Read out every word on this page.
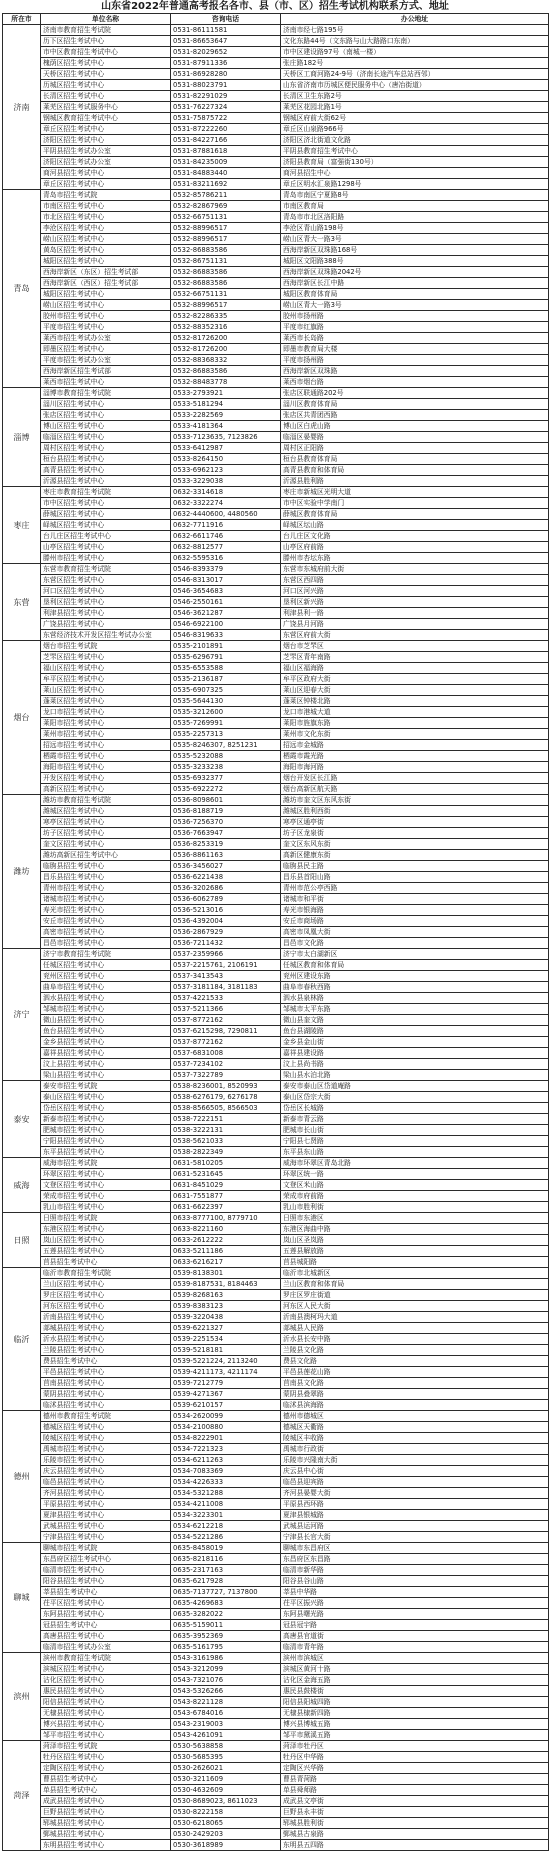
山东省2022年普通高考报名各市、县（市、区）招生考试机构联系方式、地址
所在市	单位名称	咨询电话	办公地址
济南	济南市教育招生考试院	0531-86111581	济南市经七路195号
	历下区招生考试中心	0531-86653647	文化东路44号（文东路与山大路路口东南）
	市中区教育招生考试中心	0531-82029652	市中区建设路97号（南城一楼）
	槐荫区招生考试中心	0531-87911336	张庄路182号
	天桥区招生考试中心	0531-86928280	天桥区工商河路24-9号（济南长途汽车总站西邻）
	历城区招生考试中心	0531-88023791	山东省济南市历城区便民服务中心（唐冶街道）
	长清区招生考试中心	0531-82291029	长清区卫生东路2号
	莱芜区招生考试服务中心	0531-76227324	莱芜区花园北路1号
	钢城区教育招生考试中心	0531-75875722	钢城区府前大街62号
	章丘区招生考试中心	0531-87222260	章丘区山泉路966号
	济阳区招生考试中心	0531-84227166	济阳区济北街道文化路
	平阴县招生考试办公室	0531-87881618	平阴县教育招生考试中心
	济阳区招生考试办公室	0531-84235009	济阳县教育局（富强街130号）
	商河县招生考试中心	0531-84883440	商河县招生中心
	章丘区招生考试中心	0531-83211692	章丘区明水汇泉路1298号
青岛	青岛市招生考试院	0532-85786211	青岛市南区宁夏路8号
	市南区招生考试中心	0532-82867969	市南区教育局
	市北区招生考试中心	0532-66751131	青岛市市北区洛阳路
	李沧区招生考试中心	0532-88996517	李沧区青山路198号
	崂山区招生考试中心	0532-88996517	崂山区青大一路3号
	黄岛区招生考试中心	0532-86883586	西海岸新区双珠路168号
	城阳区招生考试中心	0532-86751131	城阳区文阳路388号
	西海岸新区（东区）招生考试部	0532-86883586	西海岸新区双珠路2042号
	西海岸新区（西区）招生考试部	0532-86883586	西海岸新区长江中路
	城阳区招生考试中心	0532-66751131	城阳区教育体育局
	崂山区招生考试中心	0532-88996517	崂山区青大一路3号
	胶州市招生考试中心	0532-82286335	胶州市扬州路
	平度市招生考试中心	0532-88352316	平度市红旗路
	莱西市招生考试办公室	0532-81726200	莱西市长岛路
	即墨区招生考试中心	0532-81726200	即墨市教育局大楼
	平度市招生考试办公室	0532-88368332	平度市扬州路
	西海岸新区招生考试部	0532-86883586	西海岸新区双珠路
	莱西市招生考试中心	0532-88483778	莱西市烟台路
淄博	淄博市教育招生考试院	0533-2793921	张店区联通路202号
	淄川区招生考试中心	0533-5181294	淄川区教育体育局
	张店区招生考试中心	0533-2282569	张店区共青团西路
	博山区招生考试中心	0533-4181364	博山区白虎山路
	临淄区招生考试中心	0533-7123635, 7123826	临淄区晏婴路
	周村区招生考试中心	0533-6412987	周村区正阳路
	桓台县招生考试中心	0533-8264150	桓台县教育体育局
	高青县招生考试中心	0533-6962123	高青县教育和体育局
	沂源县招生考试中心	0533-3229038	沂源县胜利路
枣庄	枣庄市教育招生考试院	0632-3314618	枣庄市新城区光明大道
	市中区招生考试中心	0632-3322274	市中区实验中学南门
	薛城区招生考试中心	0632-4440600, 4480560	薛城区教育体育局
	峄城区招生考试中心	0632-7711916	峄城区坛山路
	台儿庄区招生考试中心	0632-6611746	台儿庄区文化路
	山亭区招生考试中心	0632-8812577	山亭区府前路
	滕州市招生考试中心	0632-5595316	滕州市杏坛东路
东营	东营市教育招生考试院	0546-8393379	东营市东城府前大街
	东营区招生考试中心	0546-8313017	东营区西四路
	河口区招生考试中心	0546-3654683	河口区河兴路
	垦利区招生考试中心	0546-2550161	垦利区新兴路
	利津县招生考试中心	0546-3621287	利津县利一路
	广饶县招生考试中心	0546-6922100	广饶县月河路
	东营经济技术开发区招生考试办公室	0546-8319633	东营区府前大街
烟台	烟台市招生考试院	0535-2101891	烟台市芝罘区
	芝罘区招生考试中心	0535-6296791	芝罘区青年南路
	福山区招生考试中心	0535-6553588	福山区福海路
	牟平区招生考试中心	0535-2136187	牟平区政府大街
	莱山区招生考试中心	0535-6907325	莱山区迎春大街
	蓬莱区招生考试中心	0535-5644130	蓬莱区钟楼北路
	龙口市招生考试中心	0535-3212600	龙口市港城大道
	莱阳市招生考试中心	0535-7269991	莱阳市旌旗东路
	莱州市招生考试中心	0535-2257313	莱州市文化东街
	招远市招生考试中心	0535-8246307, 8251231	招远市金城路
	栖霞市招生考试中心	0535-5232088	栖霞市霞光路
	海阳市招生考试中心	0535-3233238	海阳市海河路
	开发区招生考试中心	0535-6932377	烟台开发区长江路
	高新区招生考试中心	0535-6922272	烟台高新区航天路
潍坊	潍坊市教育招生考试院	0536-8098601	潍坊市奎文区东风东街
	潍城区招生考试中心	0536-8188719	潍城区胜利西街
	寒亭区招生考试中心	0536-7256370	寒亭区通亭街
	坊子区招生考试中心	0536-7663947	坊子区龙泉街
	奎文区招生考试中心	0536-8253319	奎文区东风东街
	潍坊高新区招生考试中心	0536-8861163	高新区健康东街
	临朐县招生考试中心	0536-3456027	临朐县民主路
	昌乐县招生考试中心	0536-6221438	昌乐县首阳山路
	青州市招生考试中心	0536-3202686	青州市范公亭西路
	诸城市招生考试中心	0536-6062789	诸城市和平街
	寿光市招生考试中心	0536-5213016	寿光市银海路
	安丘市招生考试中心	0536-4392004	安丘市商场路
	高密市招生考试中心	0536-2867929	高密市凤凰大街
	昌邑市招生考试中心	0536-7211432	昌邑市文化路
济宁	济宁市教育招生考试院	0537-2359966	济宁市太白湖新区
	任城区招生考试中心	0537-2215761, 2106191	任城区教育和体育局
	兖州区招生考试中心	0537-3413543	兖州区建设东路
	曲阜市招生考试中心	0537-3181184, 3181183	曲阜市春秋西路
	泗水县招生考试中心	0537-4221533	泗水县泉林路
	邹城市招生考试中心	0537-5211366	邹城市太平东路
	微山县招生考试中心	0537-8772162	微山县奎文路
	鱼台县招生考试中心	0537-6215298, 7290811	鱼台县湖陵路
	金乡县招生考试中心	0537-8772162	金乡县金山街
	嘉祥县招生考试中心	0537-6831008	嘉祥县建设路
	汶上县招生考试中心	0537-7234102	汶上县尚书路
	梁山县招生考试中心	0537-7322789	梁山县水泊北路
泰安	泰安市招生考试院	0538-8236001, 8520993	泰安市泰山区岱道庵路
	泰山区招生考试中心	0538-6276179, 6276178	泰山区岱宗大街
	岱岳区招生考试中心	0538-8566505, 8566503	岱岳区长城路
	新泰市招生考试中心	0538-7222151	新泰市青云路
	肥城市招生考试中心	0538-3222131	肥城市长山街
	宁阳县招生考试中心	0538-5621033	宁阳县七贤路
	东平县招生考试中心	0538-2822349	东平县东山路
威海	威海市招生考试院	0631-5810205	威海市环翠区青岛北路
	环翠区招生考试中心	0631-5231645	环翠区统一路
	文登区招生考试中心	0631-8451029	文登区米山路
	荣成市招生考试中心	0631-7551877	荣成市府前路
	乳山市招生考试中心	0631-6622397	乳山市胜利街
日照	日照市招生考试院	0633-8777100, 8779710	日照市东港区
	东港区招生考试中心	0633-8221160	东港区海曲中路
	岚山区招生考试中心	0633-2612222	岚山区圣岚路
	五莲县招生考试中心	0633-5211186	五莲县解放路
	莒县招生考试中心	0633-6216217	莒县城阳路
临沂	临沂市教育招生考试院	0539-8138301	临沂市北城新区
	兰山区招生考试中心	0539-8187531, 8184463	兰山区教育和体育局
	罗庄区招生考试中心	0539-8268163	罗庄区罗庄街道
	河东区招生考试中心	0539-8383123	河东区人民大街
	沂南县招生考试中心	0539-3220438	沂南县澳柯玛大道
	郯城县招生考试中心	0539-6221327	郯城县人民路
	沂水县招生考试中心	0539-2251534	沂水县长安中路
	兰陵县招生考试中心	0539-5218181	兰陵县文化路
	费县招生考试中心	0539-5221224, 2113240	费县文化路
	平邑县招生考试中心	0539-4211173, 4211174	平邑县莲花山路
	莒南县招生考试中心	0539-7212779	莒南县文化路
	蒙阴县招生考试中心	0539-4271367	蒙阴县叠翠路
	临沭县招生考试中心	0539-6210157	临沭县滨海路
德州	德州市教育招生考试院	0534-2620099	德州市德城区
	德城区招生考试中心	0534-2100880	德城区天衢路
	陵城区招生考试中心	0534-8222901	陵城区丰收路
	禹城市招生考试中心	0534-7221323	禹城市行政街
	乐陵市招生考试中心	0534-6211263	乐陵市兴隆南大街
	庆云县招生考试中心	0534-7083369	庆云县中心街
	临邑县招生考试中心	0534-4226333	临邑县迎宾路
	齐河县招生考试中心	0534-5321288	齐河县晏婴大街
	平原县招生考试中心	0534-4211008	平原县西环路
	夏津县招生考试中心	0534-3223301	夏津县银城路
	武城县招生考试中心	0534-6212218	武城县运河路
	宁津县招生考试中心	0534-5221286	宁津县长官大街
聊城	聊城市招生考试院	0635-8458019	聊城市东昌府区
	东昌府区招生考试中心	0635-8218116	东昌府区东昌路
	临清市招生考试中心	0635-2317163	临清市新华路
	阳谷县招生考试中心	0635-6217928	阳谷县谷山路
	莘县招生考试中心	0635-7137727, 7137800	莘县中华路
	茌平区招生考试中心	0635-4269683	茌平区振兴路
	东阿县招生考试中心	0635-3282022	东阿县曙光路
	冠县招生考试中心	0635-5159011	冠县冠宇路
	高唐县招生考试中心	0635-3952369	高唐县官道街
	临清市招生考试办公室	0635-5161795	临清市青年路
滨州	滨州市教育招生考试院	0543-3161986	滨州市滨城区
	滨城区招生考试中心	0543-3212099	滨城区黄河十路
	沾化区招生考试中心	0543-7321076	沾化区金海五路
	惠民县招生考试中心	0543-5326266	惠民县鼓楼街
	阳信县招生考试中心	0543-8221128	阳信县阳城四路
	无棣县招生考试中心	0543-6784016	无棣县棣新四路
	博兴县招生考试中心	0543-2319003	博兴县博城五路
	邹平市招生考试中心	0543-4261091	邹平市黛溪五路
菏泽	菏泽市招生考试院	0530-5638858	菏泽市牡丹区
	牡丹区招生考试中心	0530-5685395	牡丹区中华路
	定陶区招生考试中心	0530-2626021	定陶区兴华路
	曹县招生考试中心	0530-3211609	曹县青菏路
	单县招生考试中心	0530-4632609	单县舜师路
	成武县招生考试中心	0530-8689023, 8611023	成武县文亭街
	巨野县招生考试中心	0530-8222158	巨野县永丰街
	郓城县招生考试中心	0530-6218065	郓城县胜利街
	鄄城县招生考试中心	0530-2429203	鄄城县古泉路
	东明县招生考试中心	0530-3618989	东明县五四路
